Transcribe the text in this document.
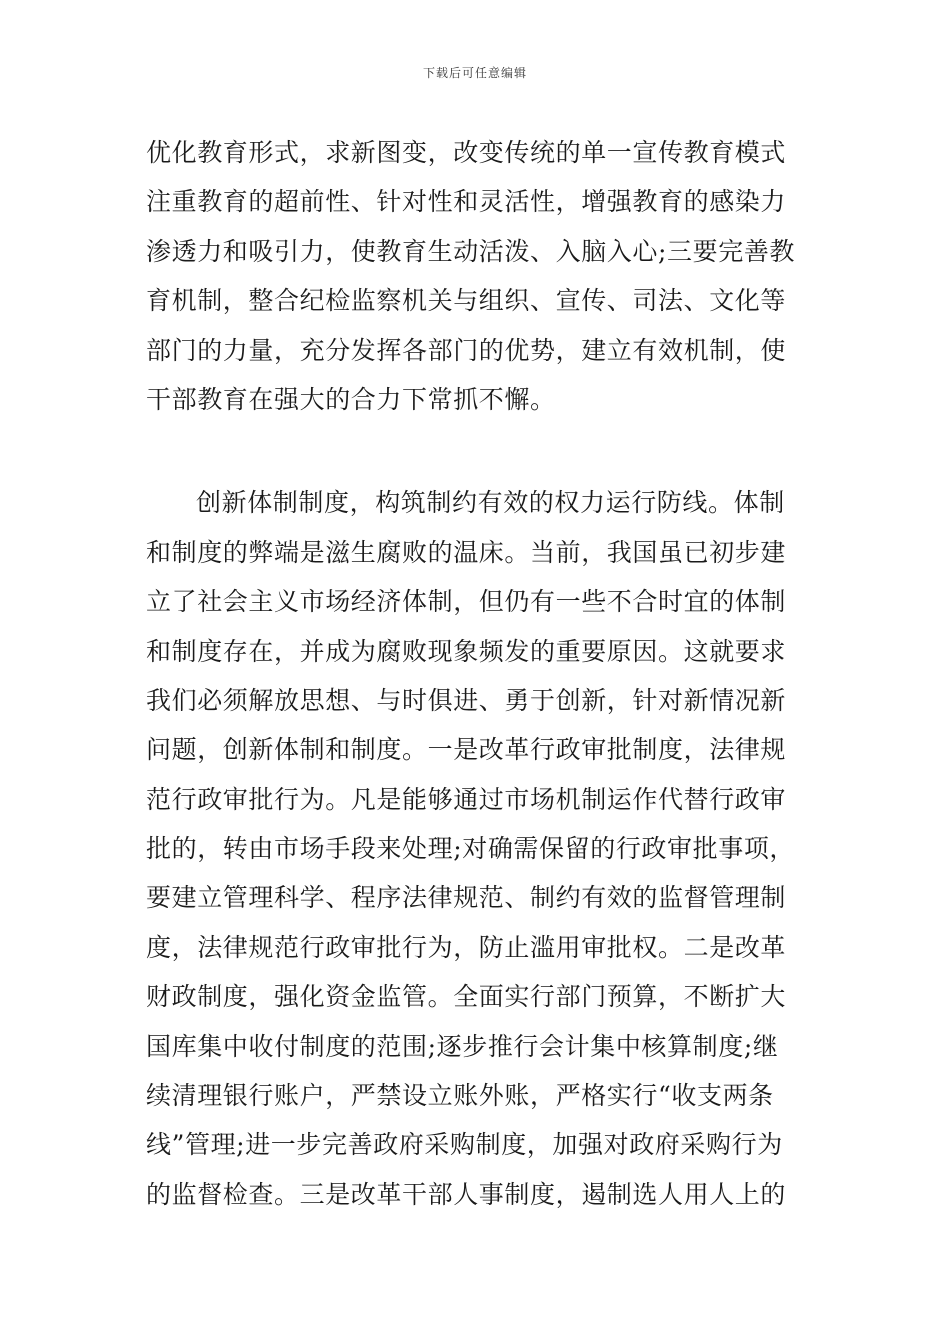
下载后可任意编辑
优化教育形式，求新图变，改变传统的单一宣传教育模式
注重教育的超前性、针对性和灵活性，增强教育的感染力
渗透力和吸引力，使教育生动活泼、入脑入心;三要完善教
育机制，整合纪检监察机关与组织、宣传、司法、文化等
部门的力量，充分发挥各部门的优势，建立有效机制，使
干部教育在强大的合力下常抓不懈。
创新体制制度，构筑制约有效的权力运行防线。体制
和制度的弊端是滋生腐败的温床。当前，我国虽已初步建
立了社会主义市场经济体制，但仍有一些不合时宜的体制
和制度存在，并成为腐败现象频发的重要原因。这就要求
我们必须解放思想、与时俱进、勇于创新，针对新情况新
问题，创新体制和制度。一是改革行政审批制度，法律规
范行政审批行为。凡是能够通过市场机制运作代替行政审
批的，转由市场手段来处理;对确需保留的行政审批事项，
要建立管理科学、程序法律规范、制约有效的监督管理制
度，法律规范行政审批行为，防止滥用审批权。二是改革
财政制度，强化资金监管。全面实行部门预算，不断扩大
国库集中收付制度的范围;逐步推行会计集中核算制度;继
续清理银行账户，严禁设立账外账，严格实行“收支两条
线”管理;进一步完善政府采购制度，加强对政府采购行为
的监督检查。三是改革干部人事制度，遏制选人用人上的
